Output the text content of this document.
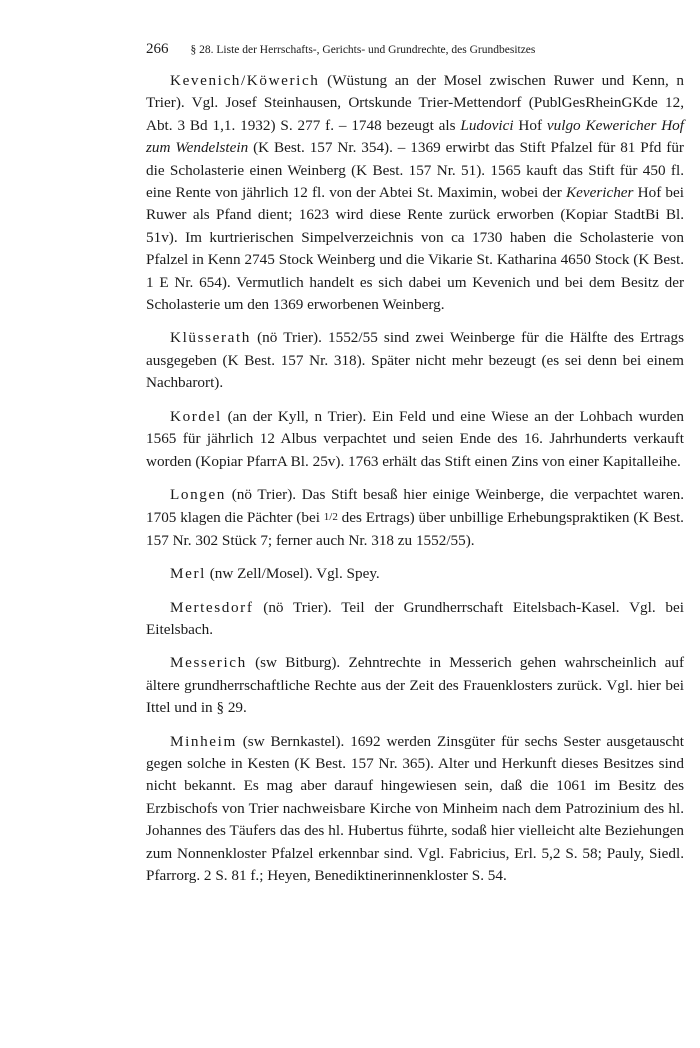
266 § 28. Liste der Herrschafts-, Gerichts- und Grundrechte, des Grundbesitzes

Kevenich/Köwerich (Wüstung an der Mosel zwischen Ruwer und Kenn, n Trier). Vgl. Josef Steinhausen, Ortskunde Trier-Mettendorf (PublGesRheinGKde 12, Abt. 3 Bd 1,1. 1932) S. 277 f. – 1748 bezeugt als Ludovici Hof vulgo Kewericher Hof zum Wendelstein (K Best. 157 Nr. 354). – 1369 erwirbt das Stift Pfalzel für 81 Pfd für die Scholasterie einen Weinberg (K Best. 157 Nr. 51). 1565 kauft das Stift für 450 fl. eine Rente von jährlich 12 fl. von der Abtei St. Maximin, wobei der Kevericher Hof bei Ruwer als Pfand dient; 1623 wird diese Rente zurück erworben (Kopiar StadtBi Bl. 51v). Im kurtrierischen Simpelverzeichnis von ca 1730 haben die Scholasterie von Pfalzel in Kenn 2745 Stock Weinberg und die Vikarie St. Katharina 4650 Stock (K Best. 1 E Nr. 654). Vermutlich handelt es sich dabei um Kevenich und bei dem Besitz der Scholasterie um den 1369 erworbenen Weinberg.

Klüsserath (nö Trier). 1552/55 sind zwei Weinberge für die Hälfte des Ertrags ausgegeben (K Best. 157 Nr. 318). Später nicht mehr bezeugt (es sei denn bei einem Nachbarort).

Kordel (an der Kyll, n Trier). Ein Feld und eine Wiese an der Lohbach wurden 1565 für jährlich 12 Albus verpachtet und seien Ende des 16. Jahrhunderts verkauft worden (Kopiar PfarrA Bl. 25v). 1763 erhält das Stift einen Zins von einer Kapitalleihe.

Longen (nö Trier). Das Stift besaß hier einige Weinberge, die verpachtet waren. 1705 klagen die Pächter (bei 1/2 des Ertrags) über unbillige Erhebungspraktiken (K Best. 157 Nr. 302 Stück 7; ferner auch Nr. 318 zu 1552/55).

Merl (nw Zell/Mosel). Vgl. Spey.

Mertesdorf (nö Trier). Teil der Grundherrschaft Eitelsbach-Kasel. Vgl. bei Eitelsbach.

Messerich (sw Bitburg). Zehntrechte in Messerich gehen wahrscheinlich auf ältere grundherrschaftliche Rechte aus der Zeit des Frauenklosters zurück. Vgl. hier bei Ittel und in § 29.

Minheim (sw Bernkastel). 1692 werden Zinsgüter für sechs Sester ausgetauscht gegen solche in Kesten (K Best. 157 Nr. 365). Alter und Herkunft dieses Besitzes sind nicht bekannt. Es mag aber darauf hingewiesen sein, daß die 1061 im Besitz des Erzbischofs von Trier nachweisbare Kirche von Minheim nach dem Patrozinium des hl. Johannes des Täufers das des hl. Hubertus führte, sodaß hier vielleicht alte Beziehungen zum Nonnenkloster Pfalzel erkennbar sind. Vgl. Fabricius, Erl. 5,2 S. 58; Pauly, Siedl. Pfarrorg. 2 S. 81 f.; Heyen, Benediktinerinnenkloster S. 54.
